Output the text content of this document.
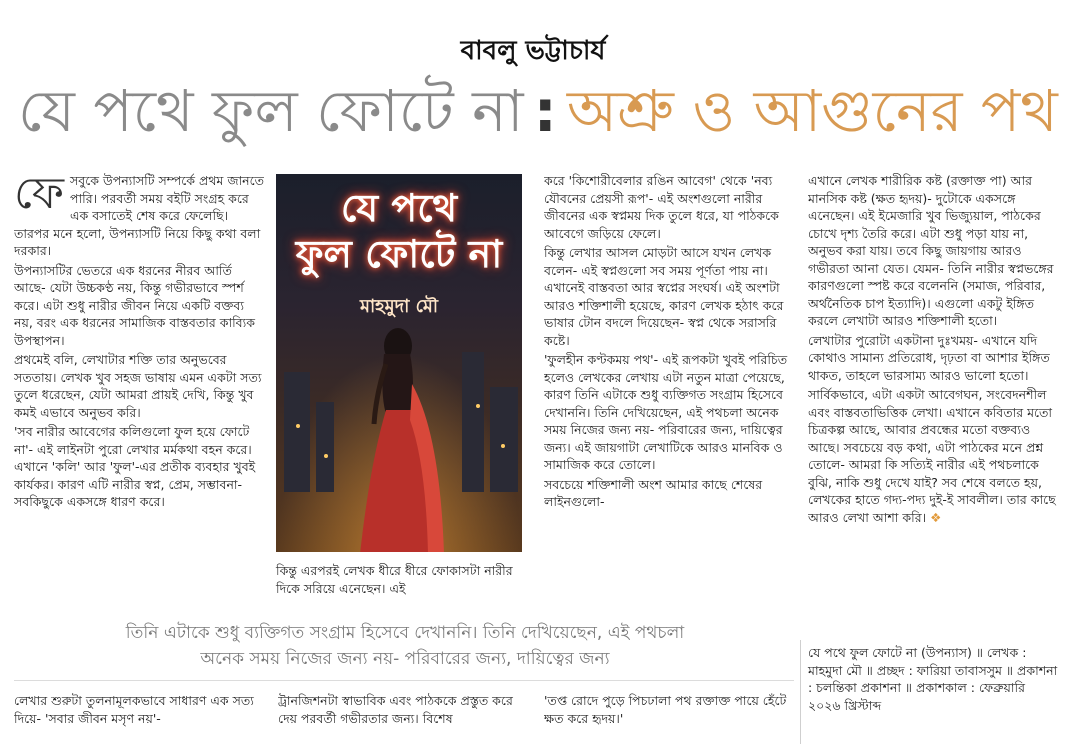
বাবলু ভট্টাচার্য
যে পথে ফুল ফোটে না : অশ্রু ও আগুনের পথ
ফে সবুকে উপন্যাসটি সম্পর্কে প্রথম জানতে পারি। পরবর্তী সময় বইটি সংগ্রহ করে এক বসাতেই শেষ করে ফেলেছি। তারপর মনে হলো, উপন্যাসটি নিয়ে কিছু কথা বলা দরকার।

উপন্যাসটির ভেতরে এক ধরনের নীরব আর্তি আছে- যেটা উচ্চকণ্ঠ নয়, কিন্তু গভীরভাবে স্পর্শ করে। এটা শুধু নারীর জীবন নিয়ে একটি বক্তব্য নয়, বরং এক ধরনের সামাজিক বাস্তবতার কাব্যিক উপস্থাপন।

প্রথমেই বলি, লেখাটার শক্তি তার অনুভবের সততায়। লেখক খুব সহজ ভাষায় এমন একটা সত্য তুলে ধরেছেন, যেটা আমরা প্রায়ই দেখি, কিন্তু খুব কমই এভাবে অনুভব করি।

'সব নারীর আবেগের কলিগুলো ফুল হয়ে ফোটে না'- এই লাইনটা পুরো লেখার মর্মকথা বহন করে। এখানে 'কলি' আর 'ফুল'-এর প্রতীক ব্যবহার খুবই কার্যকর। কারণ এটি নারীর স্বপ্ন, প্রেম, সম্ভাবনা- সবকিছুকে একসঙ্গে ধারণ করে।

যে পথে
ফুল ফোটে না
মাহমুদা মৌ
কিন্তু এরপরই লেখক ধীরে ধীরে ফোকাসটা নারীর দিকে সরিয়ে এনেছেন। এই

করে 'কিশোরীবেলার রঙিন আবেগ' থেকে 'নব্য যৌবনের প্রেয়সী রূপ'- এই অংশগুলো নারীর জীবনের এক স্বপ্নময় দিক তুলে ধরে, যা পাঠককে আবেগে জড়িয়ে ফেলে।

কিন্তু লেখার আসল মোড়টা আসে যখন লেখক বলেন- এই স্বপ্নগুলো সব সময় পূর্ণতা পায় না। এখানেই বাস্তবতা আর স্বপ্নের সংঘর্ষ। এই অংশটা আরও শক্তিশালী হয়েছে, কারণ লেখক হঠাৎ করে ভাষার টোন বদলে দিয়েছেন- স্বপ্ন থেকে সরাসরি কষ্টে।

'ফুলহীন কণ্টকময় পথ'- এই রূপকটা খুবই পরিচিত হলেও লেখকের লেখায় এটা নতুন মাত্রা পেয়েছে, কারণ তিনি এটাকে শুধু ব্যক্তিগত সংগ্রাম হিসেবে দেখাননি। তিনি দেখিয়েছেন, এই পথচলা অনেক সময় নিজের জন্য নয়- পরিবারের জন্য, দায়িত্বের জন্য। এই জায়গাটা লেখাটিকে আরও মানবিক ও সামাজিক করে তোলে।

সবচেয়ে শক্তিশালী অংশ আমার কাছে শেষের লাইনগুলো-

এখানে লেখক শারীরিক কষ্ট (রক্তাক্ত পা) আর মানসিক কষ্ট (ক্ষত হৃদয়)- দুটোকে একসঙ্গে এনেছেন। এই ইমেজারি খুব ভিজ্যুয়াল, পাঠকের চোখে দৃশ্য তৈরি করে। এটা শুধু পড়া যায় না, অনুভব করা যায়। তবে কিছু জায়গায় আরও গভীরতা আনা যেত। যেমন- তিনি নারীর স্বপ্নভঙ্গের কারণগুলো স্পষ্ট করে বলেননি (সমাজ, পরিবার, অর্থনৈতিক চাপ ইত্যাদি)। এগুলো একটু ইঙ্গিত করলে লেখাটা আরও শক্তিশালী হতো।

লেখাটার পুরোটা একটানা দুঃখময়- এখানে যদি কোথাও সামান্য প্রতিরোধ, দৃঢ়তা বা আশার ইঙ্গিত থাকত, তাহলে ভারসাম্য আরও ভালো হতো।

সার্বিকভাবে, এটা একটা আবেগঘন, সংবেদনশীল এবং বাস্তবতাভিত্তিক লেখা। এখানে কবিতার মতো চিত্রকল্প আছে, আবার প্রবন্ধের মতো বক্তব্যও আছে। সবচেয়ে বড় কথা, এটা পাঠকের মনে প্রশ্ন তোলে- আমরা কি সত্যিই নারীর এই পথচলাকে বুঝি, নাকি শুধু দেখে যাই? সব শেষে বলতে হয়, লেখকের হাতে গদ্য-পদ্য দুই-ই সাবলীল। তার কাছে আরও লেখা আশা করি। ❖

তিনি এটাকে শুধু ব্যক্তিগত সংগ্রাম হিসেবে দেখাননি। তিনি দেখিয়েছেন, এই পথচলা
অনেক সময় নিজের জন্য নয়- পরিবারের জন্য, দায়িত্বের জন্য
লেখার শুরুটা তুলনামূলকভাবে সাধারণ এক সত্য দিয়ে- 'সবার জীবন মসৃণ নয়'-
ট্রানজিশনটা স্বাভাবিক এবং পাঠককে প্রস্তুত করে দেয় পরবর্তী গভীরতার জন্য। বিশেষ
'তপ্ত রোদে পুড়ে পিচঢালা পথ রক্তাক্ত পায়ে হেঁটে ক্ষত করে হৃদয়।'
যে পথে ফুল ফোটে না (উপন্যাস) ॥ লেখক : মাহমুদা মৌ ॥ প্রচ্ছদ : ফারিয়া তাবাসসুম ॥ প্রকাশনা : চলন্তিকা প্রকাশনা ॥ প্রকাশকাল : ফেব্রুয়ারি ২০২৬ খ্রিস্টাব্দ
